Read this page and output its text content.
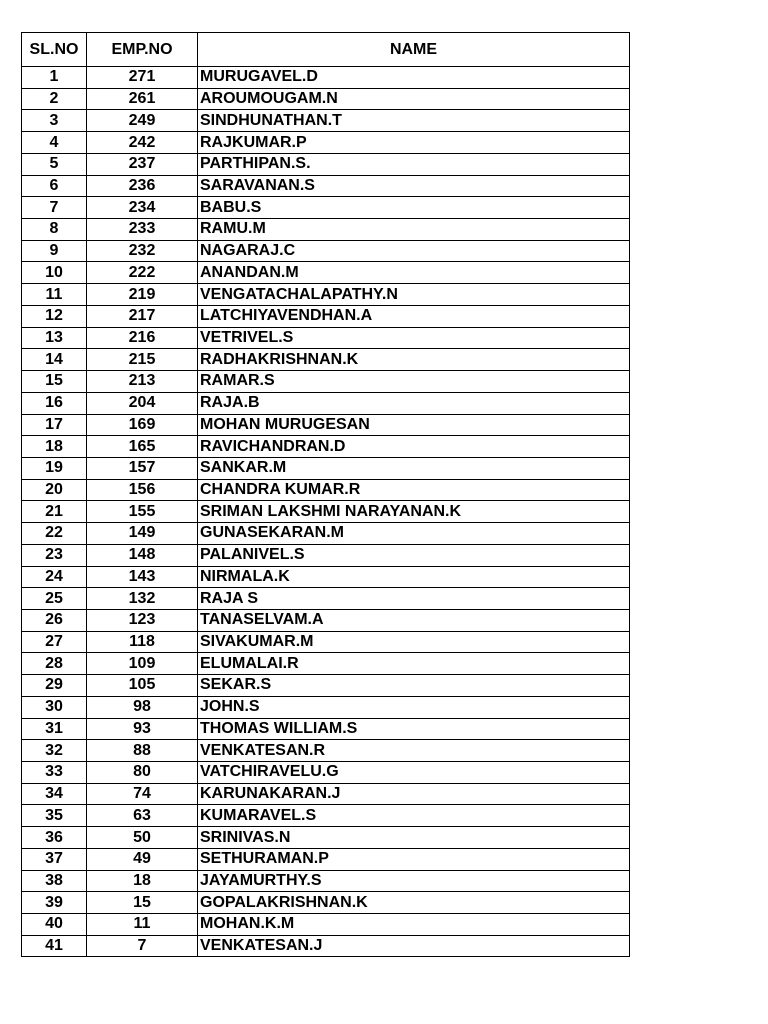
SL.NO	EMP.NO	NAME
1	271	MURUGAVEL.D
2	261	AROUMOUGAM.N
3	249	SINDHUNATHAN.T
4	242	RAJKUMAR.P
5	237	PARTHIPAN.S.
6	236	SARAVANAN.S
7	234	BABU.S
8	233	RAMU.M
9	232	NAGARAJ.C
10	222	ANANDAN.M
11	219	VENGATACHALAPATHY.N
12	217	LATCHIYAVENDHAN.A
13	216	VETRIVEL.S
14	215	RADHAKRISHNAN.K
15	213	RAMAR.S
16	204	RAJA.B
17	169	MOHAN MURUGESAN
18	165	RAVICHANDRAN.D
19	157	SANKAR.M
20	156	CHANDRA KUMAR.R
21	155	SRIMAN LAKSHMI NARAYANAN.K
22	149	GUNASEKARAN.M
23	148	PALANIVEL.S
24	143	NIRMALA.K
25	132	RAJA S
26	123	TANASELVAM.A
27	118	SIVAKUMAR.M
28	109	ELUMALAI.R
29	105	SEKAR.S
30	98	JOHN.S
31	93	THOMAS WILLIAM.S
32	88	VENKATESAN.R
33	80	VATCHIRAVELU.G
34	74	KARUNAKARAN.J
35	63	KUMARAVEL.S
36	50	SRINIVAS.N
37	49	SETHURAMAN.P
38	18	JAYAMURTHY.S
39	15	GOPALAKRISHNAN.K
40	11	MOHAN.K.M
41	7	VENKATESAN.J
